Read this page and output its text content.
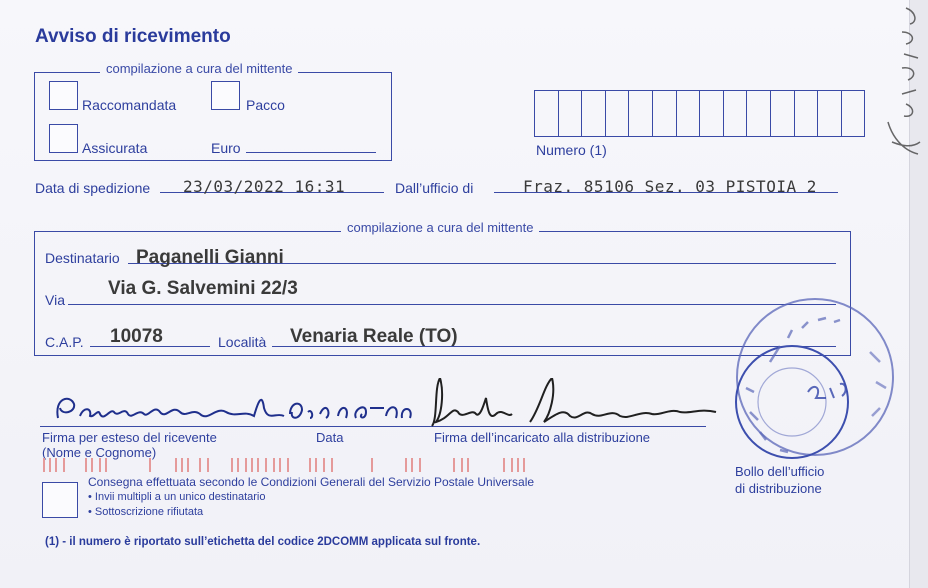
Avviso di ricevimento
compilazione a cura del mittente
Raccomandata	Pacco
Assicurata	Euro	Numero (1)
Data di spedizione 23/03/2022 16:31	Dall’ufficio di	Fraz. 85106 Sez. 03 PISTOIA 2
compilazione a cura del mittente
Destinatario Paganelli Gianni
Via
Via G. Salvemini 22/3
C.A.P. 10078	Località Venaria Reale (TO)
Firma per esteso del ricevente
(Nome e Cognome)
Data	Firma dell’incaricato alla distribuzione
Consegna effettuata secondo le Condizioni Generali del Servizio Postale Universale
• Invii multipli a un unico destinatario
• Sottoscrizione rifiutata
Bollo dell’ufficio
di distribuzione
(1) - il numero è riportato sull’etichetta del codice 2DCOMM applicata sul fronte.
